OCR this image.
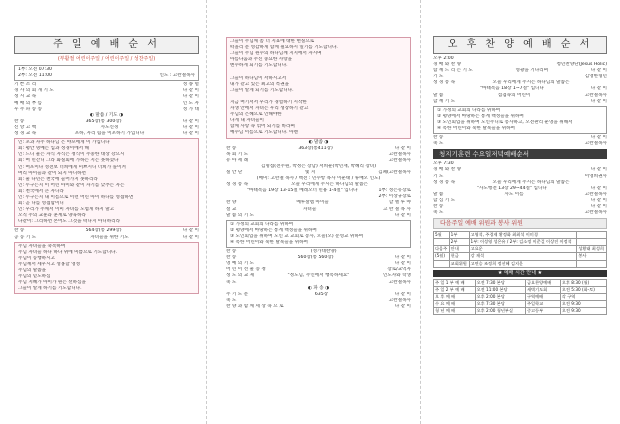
주 일 예 배 순 서
(부활절 어린이주일 / 어린이주일 / 성찬주일)
1부: 오전 07:30
2부: 오전 11:00	인도 : 고완철목사
기 쁜 소 리	성 종 렬
경 사 의 회 개 기 도	다 같 이
성 시 교 독	다 같 이
예 배 의 부 름	인 도 자
우 주 파 송 송	성 가 대
◐ 말씀 / 기도 ◑
찬 송	365장(통 300장)	다 같 이
신 앙 고 백	사도신경	다 같 이
성 경 교 독	포하, 자리 됨을 이포하기 가입니다	다 같 이
인: 포과 자주 하나님 은 야포에게 이 가입니다
회: 평안 명예는 입과 성경이에서 해
인: 드디 물은 자식 자식은 정식이 주중한 대상 강으시
회: 여 민간니 그라 화실회에 가하는 지는 못하셨다
인: 여포이다 성전보 너희에게 미쁘시니 너희가 돌이켜
여리 아이들과 같이 되지 아니하면
회: 물 다민은 천국에 들어가지 못하리라
인: 누구든지 이 어린 아이와 같이 자기를 낮추는 자는
회: 천국에서 큰 자니라
인: 누구든지 내 이름으로 이런 어린 아이 하나를 영접하면
회: 곧 나를 영접함이니
인: 우리가 주께서 이미 자녀를 노엽게 하지 말고
오직 주의 교훈과 훈계로 양육하라
다같이: 그리하면 본어도 그것을 떠나지 아니하리라
찬 송	564장(통 299장)	다 같 이
공 동 기 도	자녀들을 위한 기도	다 같 이
주님 자녀들을 축복하여
주님 자녀들 하나 하나 위에 미쁨으로 기도합니다.
주님이 동행하시고
주님께서 세우시고 성홍할 영성
주님의 말씀을
주님의 믿도하심
주님 지혜가 아이가 원는 선하심을
그들이 알게 하기를 기도합니다.
그들이 주님께 좀 더 지표에 대한 현실으로
떠올리 문 영감하게 함께 필요하시 일기를 기도합니다.
그들이 주님 원수의 하나님께 지지에서 자시며
아름다움과 주신 중요한 사랑을
변수하게 되기를 기도합니다.
그들이 하나님이 서하시고서
내가 같고 있는 최고의 특권을
그들이 알게 되기를 기도합니다.
지금 여기서서 우리가 경험하기 시작한
자생 안에서 자녀는 우리 성장하기 같고
주님의 은혜으로 인해야한
나게 내 자녀들이
함께 사랑 속 엮어 되기를 바라며
예수님 이름으로 기도합니다. 아멘
◐ 말씀 ◑
찬 송	363장(통411장)	다 같 이
목 회 기 도	고완철목사
유 아 세 례	고완철목사
김명섭(전주원, 박정은 장남) 서희운(박민재, 박혜리 장녀)
실 안 단	빛 지	김폐(고완철목사
(배미: 고완철 목사 / 백전 : 민수항 목사 이운태 / 류배오 인도)
성 경 봉 독	오늘 우리에게 주시는 하나님의 말씀은
"마태복음 19장 13-15절 베레오너 민용 1-4절" 입니다	1부: 성은유장로
2부: 이상규장로
찬 양	예루살렘 아이들	할 렐 루 야
설 교	자녀들	고 완 철 목 사
말 씀 의 기 도	다 같 이
① 가정의 교회의 나라를 위하여
② 평양에서 마땅하는 통계 백성들을 위하여
③ 노인회업을 위하여 노인 교 교회로 봉사, 오늘(오) 문영교 위하여
④ 복한 어린이와 북한 탈북들을 위하여
찬 송	(성가대찬양)
찬 송	560장(통 560장)	다 같 이
영 예 의 기 도	다 같 이
어 린 이 선 물 증 정	장로/교역자
성 도 의 교 제	"정도님, 주인에서 행복하세요"	인도자와 학생
축 도	고완철목사
◐ 파 송 ◑
주 기 도 문	635장	다 같 이
축 도	고완철목사
찬 양 과 함 께 세 상 속 으 로	다 같 이
오 후 찬 양 예 배 순 서
오후 2:00
경 배 와 찬 양	청년찬양단(Jesus Holic)
함 께 드 리 는 기 도	영광을 기다리며	다 같 이
기 도	김영한형년
성 경 봉 독	오늘 우리에게 주시는 하나님의 말씀은
"마태복음 18장 1~7절" 입니다	다 같 이
말 씀	섬겸속의 어린이	고완철목사
합 께 기 도	다 같 이
① 가정의 교회의 나라를 위하여
② 평양에서 마땅하는 통계 백성들을 위하여
③ 노인회업을 위하여 노인주니로 봉사하고, 오전판리 운영을 위해서
④ 복한 어린이와 북한 탈북들을 위하여
찬 송	다 같 이
축 도	고완철목사
청지기훈련 수요일저녁예배순서
오후 7:30
경 배 와 찬 양	다 같 이
기 도	이영희권사
성 경 봉 독	오늘 우리에게 주시는 하나님의 말씀은
"사도행전 13장 29~44절" 입니다	다 같 이
말 씀	사도 이름	고완철목사
합 심 기 도	다 같 이
찬 송	다 같 이
축 도	고완철목사
다음주일 예배 위원과 봉사 위원
5월	1부	고영석, 주경제 황정화 최최석 이미경	
	2부	1부: 이성영 성은유 / 2부: 김소정 이준걸 이상진 이정석	
다음주	안내	고요운	성황태 최성희
(5월)	헌금	강 재석	봉사
	교회위원	고연승 조정희 정선혜 김지운	
★ 예배 시간 안내 ★
주 일 1 부 예 배	오전 7:30 본당	금요찬양예배	오후 8:30 (월)
주 일 2 부 예 배	오전 11:00 본당	새벽기도회	오전 5:30 (화-토)
오 후 예 배	오후 2:00 본당	구역예배	각 구역
수 요 예 배	오후 7:30 본당	주일학교	오전 9:30
청 년 예 배	오후 2:00 청년부실	중고등부	오전 9:30
